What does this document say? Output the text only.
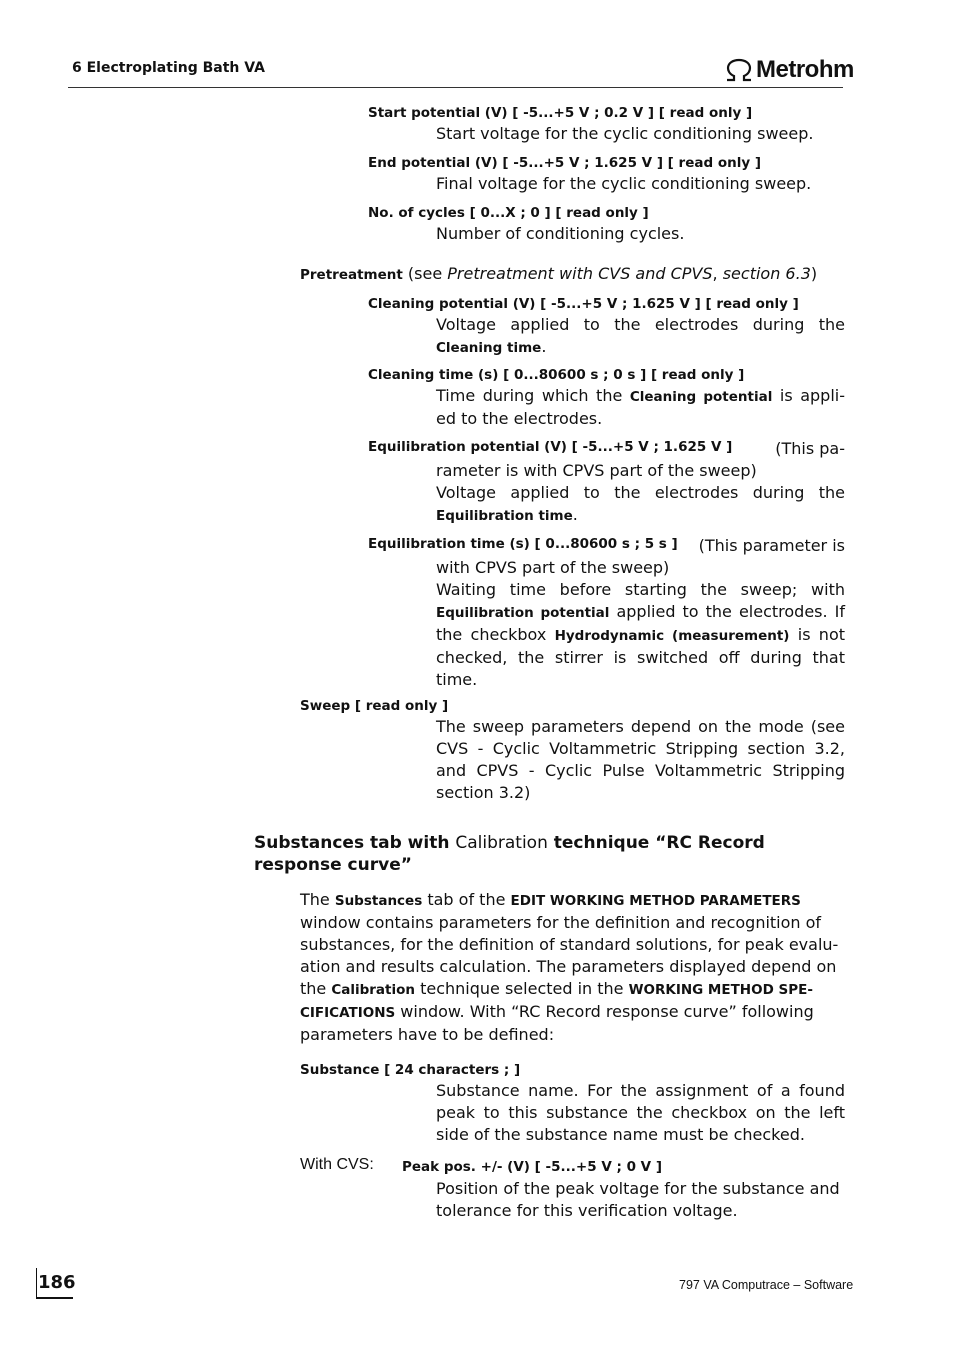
6 Electroplating Bath VA	Metrohm
Start potential (V) [ -5...+5 V ; 0.2 V ] [ read only ]
Start voltage for the cyclic conditioning sweep.
End potential (V) [ -5...+5 V ; 1.625 V ] [ read only ]
Final voltage for the cyclic conditioning sweep.
No. of cycles [ 0...X ; 0 ] [ read only ]
Number of conditioning cycles.
Pretreatment (see Pretreatment with CVS and CPVS, section 6.3)
Cleaning potential (V) [ -5...+5 V ; 1.625 V ] [ read only ]
Voltage applied to the electrodes during the
Cleaning time.
Cleaning time (s) [ 0...80600 s ; 0 s ] [ read only ]
Time during which the Cleaning potential is appli-ed to the electrodes.
Equilibration potential (V) [ -5...+5 V ; 1.625 V ]	(This pa-
rameter is with CPVS part of the sweep)
Voltage applied to the electrodes during the
Equilibration time.
Equilibration time (s) [ 0...80600 s ; 5 s ] (This parameter is
with CPVS part of the sweep)
Waiting time before starting the sweep; with Equilibration potential applied to the electrodes. If the checkbox Hydrodynamic (measurement) is not checked, the stirrer is switched off during that time.
Sweep [ read only ]
The sweep parameters depend on the mode (see CVS - Cyclic Voltammetric Stripping section 3.2, and CPVS - Cyclic Pulse Voltammetric Stripping section 3.2)
Substances tab with Calibration technique “RC Record response curve”
The Substances tab of the EDIT WORKING METHOD PARAMETERS window contains parameters for the definition and recognition of substances, for the definition of standard solutions, for peak evalu-ation and results calculation. The parameters displayed depend on the Calibration technique selected in the WORKING METHOD SPE-CIFICATIONS window. With “RC Record response curve” following parameters have to be defined:
Substance [ 24 characters ; ]
Substance name. For the assignment of a found peak to this substance the checkbox on the left side of the substance name must be checked.
With CVS: Peak pos. +/- (V) [ -5...+5 V ; 0 V ]
Position of the peak voltage for the substance and tolerance for this verification voltage.
186	797 VA Computrace – Software
